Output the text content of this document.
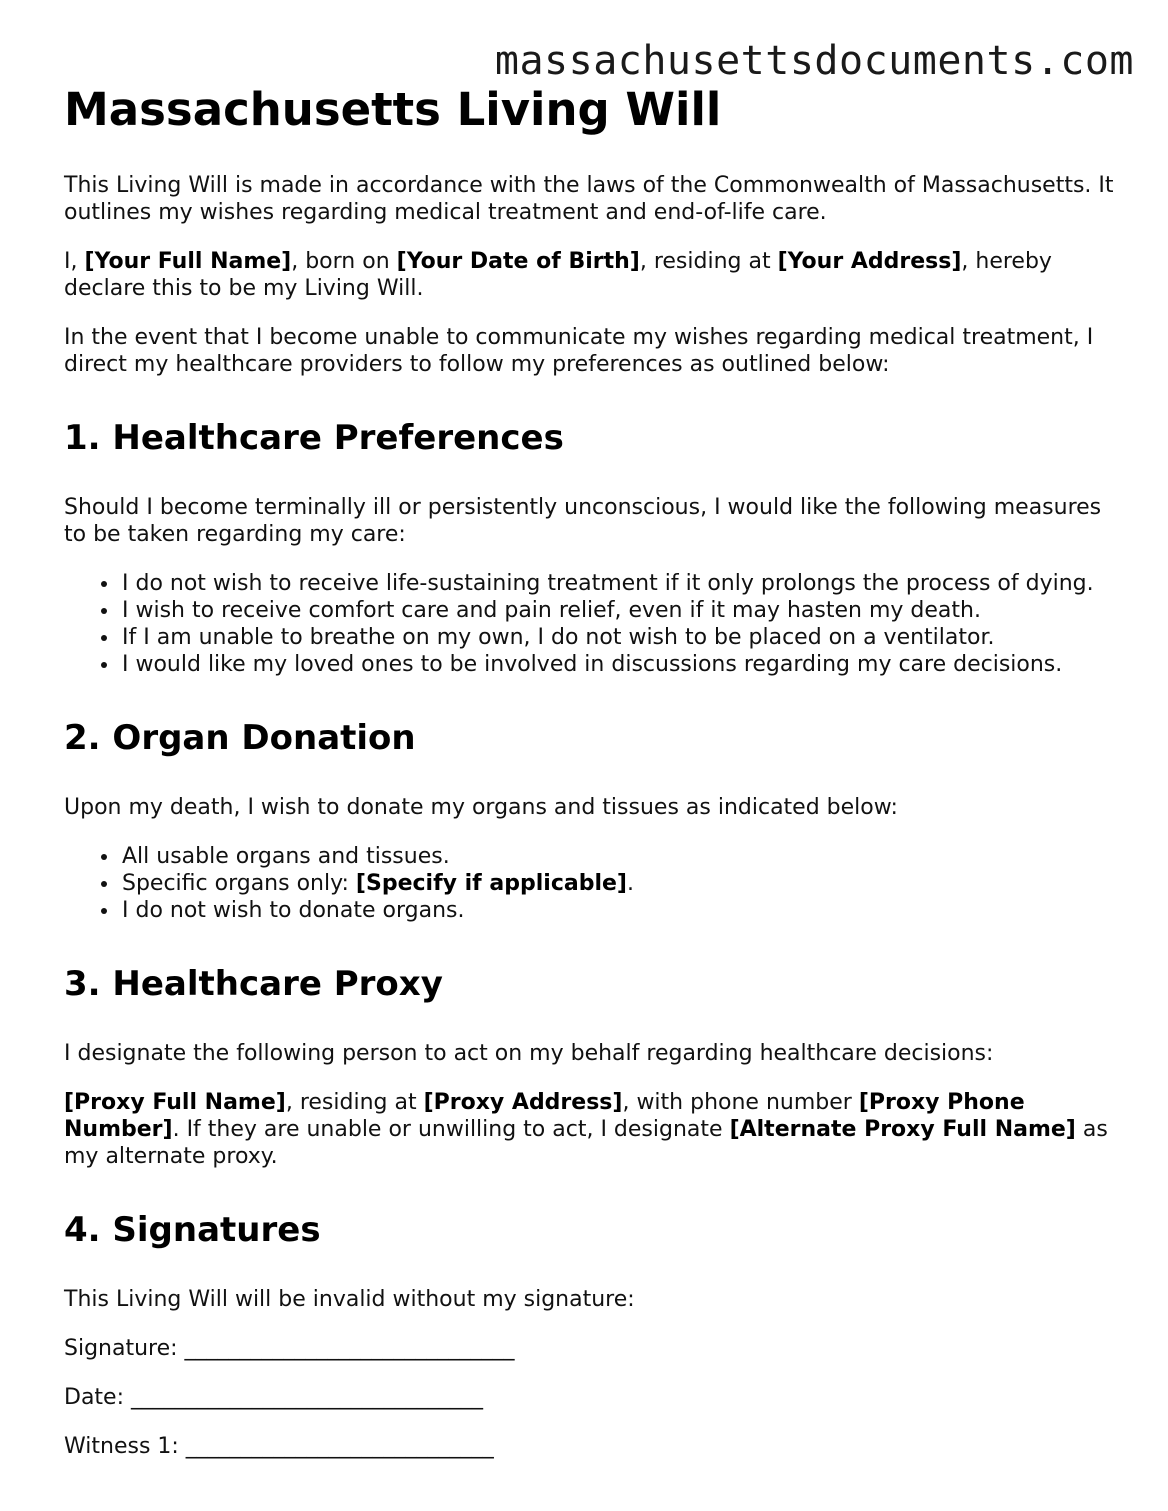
massachusettsdocuments.com
Massachusetts Living Will

This Living Will is made in accordance with the laws of the Commonwealth of Massachusetts. It outlines my wishes regarding medical treatment and end-of-life care.

I, [Your Full Name], born on [Your Date of Birth], residing at [Your Address], hereby declare this to be my Living Will.

In the event that I become unable to communicate my wishes regarding medical treatment, I direct my healthcare providers to follow my preferences as outlined below:

1. Healthcare Preferences

Should I become terminally ill or persistently unconscious, I would like the following measures to be taken regarding my care:

I do not wish to receive life-sustaining treatment if it only prolongs the process of dying.
I wish to receive comfort care and pain relief, even if it may hasten my death.
If I am unable to breathe on my own, I do not wish to be placed on a ventilator.
I would like my loved ones to be involved in discussions regarding my care decisions.
2. Organ Donation

Upon my death, I wish to donate my organs and tissues as indicated below:

All usable organs and tissues.
Specific organs only: [Specify if applicable].
I do not wish to donate organs.
3. Healthcare Proxy

I designate the following person to act on my behalf regarding healthcare decisions:

[Proxy Full Name], residing at [Proxy Address], with phone number [Proxy Phone Number]. If they are unable or unwilling to act, I designate [Alternate Proxy Full Name] as my alternate proxy.

4. Signatures

This Living Will will be invalid without my signature:

Signature: ______________________________
Date: ________________________________
Witness 1: ____________________________
